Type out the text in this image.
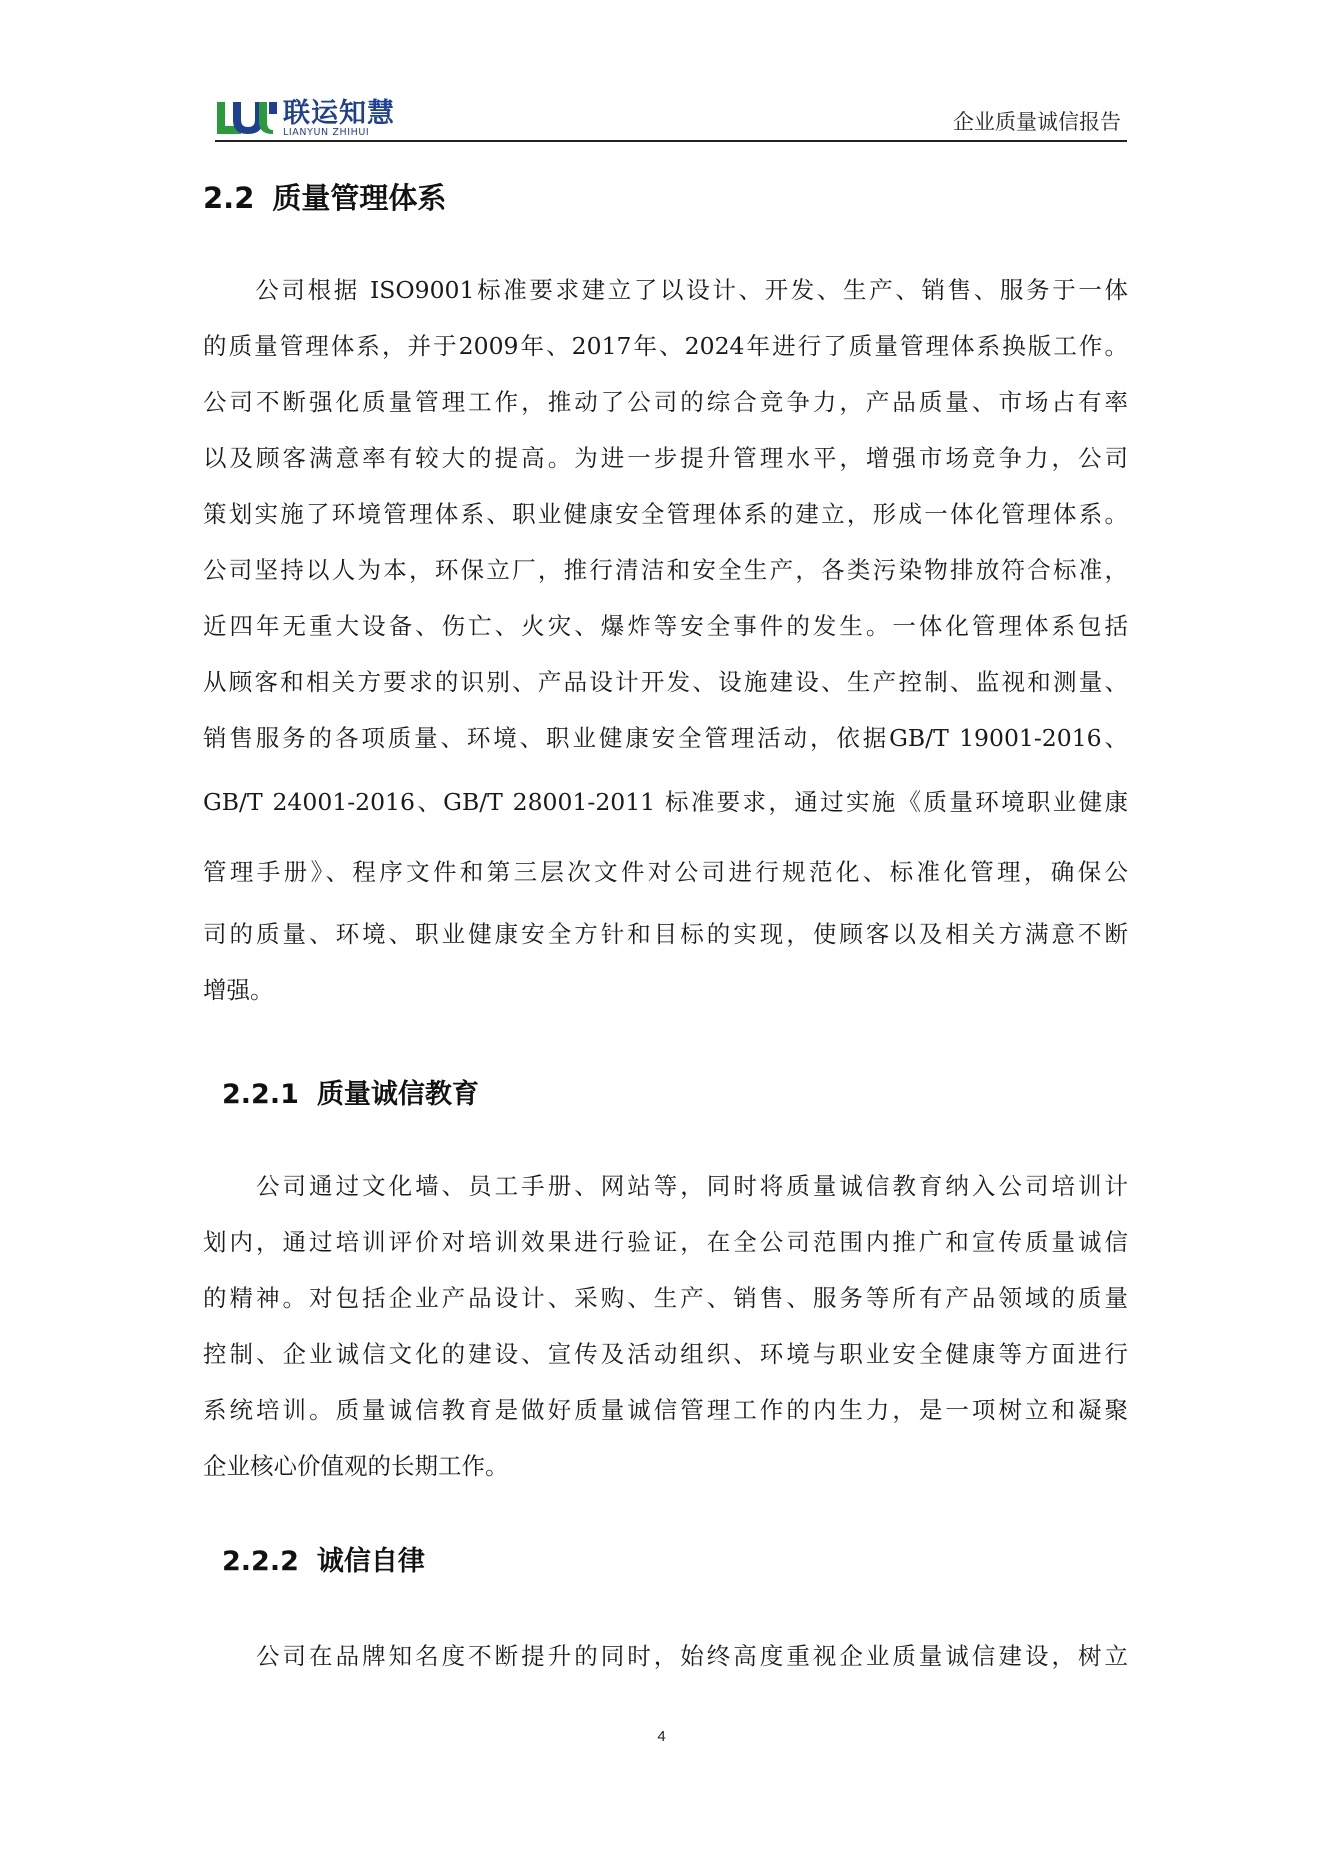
联运知慧
LIANYUN ZHIHUI	企业质量诚信报告
2.2 质量管理体系
　　公司根据 ISO9001标准要求建立了以设计、开发、生产、销售、服务于一体
的质量管理体系，并于2009年、2017年、2024年进行了质量管理体系换版工作。
公司不断强化质量管理工作，推动了公司的综合竞争力，产品质量、市场占有率
以及顾客满意率有较大的提高。为进一步提升管理水平，增强市场竞争力，公司
策划实施了环境管理体系、职业健康安全管理体系的建立，形成一体化管理体系。
公司坚持以人为本，环保立厂，推行清洁和安全生产，各类污染物排放符合标准，
近四年无重大设备、伤亡、火灾、爆炸等安全事件的发生。一体化管理体系包括
从顾客和相关方要求的识别、产品设计开发、设施建设、生产控制、监视和测量、
销售服务的各项质量、环境、职业健康安全管理活动，依据GB/T 19001-2016、
GB/T 24001-2016、GB/T 28001-2011 标准要求，通过实施《质量环境职业健康
管理手册》、程序文件和第三层次文件对公司进行规范化、标准化管理，确保公
司的质量、环境、职业健康安全方针和目标的实现，使顾客以及相关方满意不断
增强。
2.2.1 质量诚信教育
　　公司通过文化墙、员工手册、网站等，同时将质量诚信教育纳入公司培训计
划内，通过培训评价对培训效果进行验证，在全公司范围内推广和宣传质量诚信
的精神。对包括企业产品设计、采购、生产、销售、服务等所有产品领域的质量
控制、企业诚信文化的建设、宣传及活动组织、环境与职业安全健康等方面进行
系统培训。质量诚信教育是做好质量诚信管理工作的内生力，是一项树立和凝聚
企业核心价值观的长期工作。
2.2.2 诚信自律
　　公司在品牌知名度不断提升的同时，始终高度重视企业质量诚信建设，树立
4
